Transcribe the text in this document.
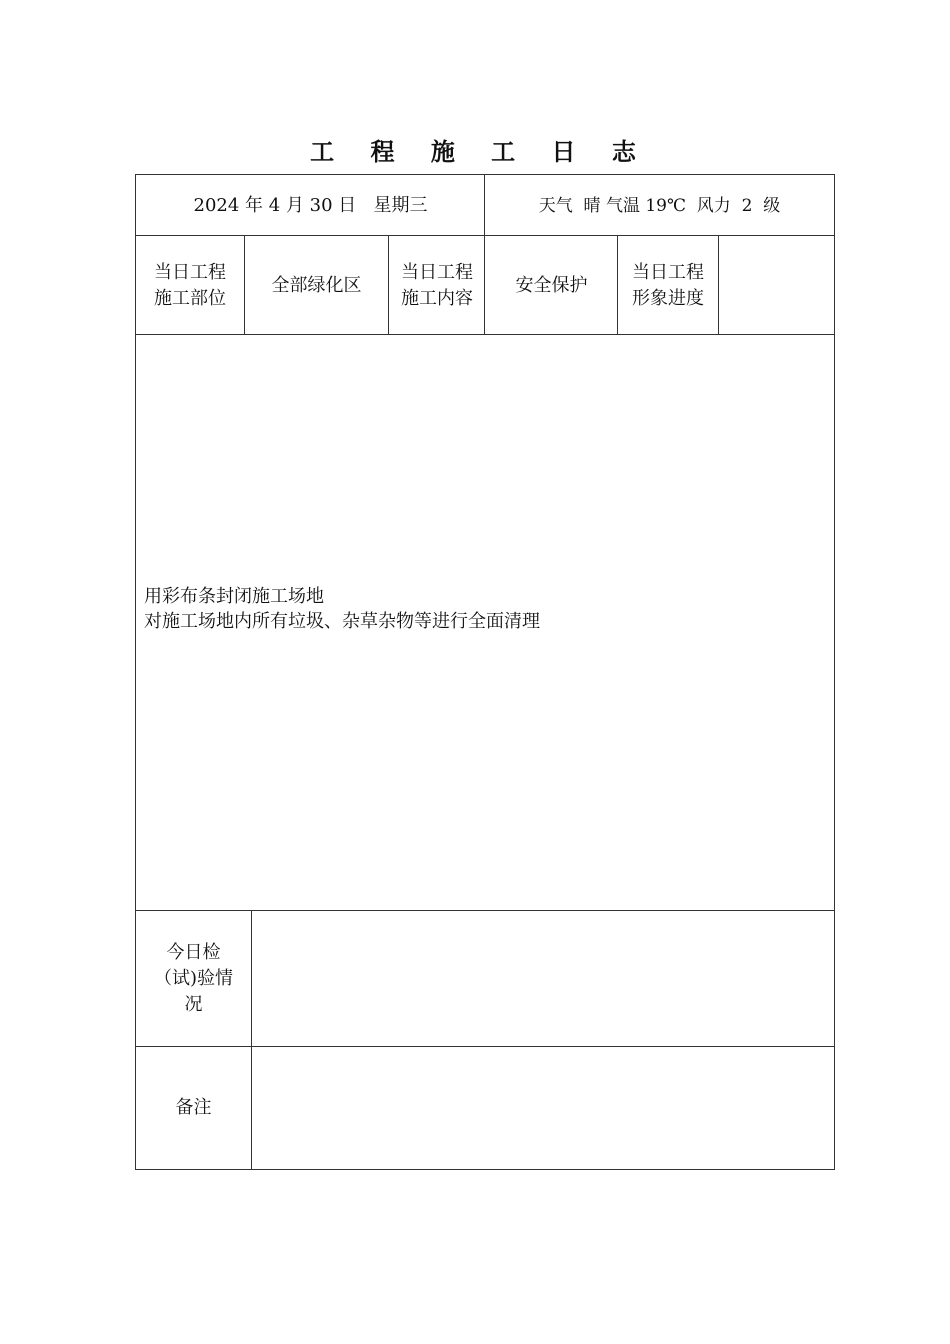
工 程 施 工 日 志
2024 年 4 月 30 日   星期三	天气  晴 气温 19℃  风力  2  级
当日工程
施工部位
全部绿化区
当日工程
施工内容
安全保护
当日工程
形象进度
用彩布条封闭施工场地
对施工场地内所有垃圾、杂草杂物等进行全面清理
今日检
（试)验情
况
备注
